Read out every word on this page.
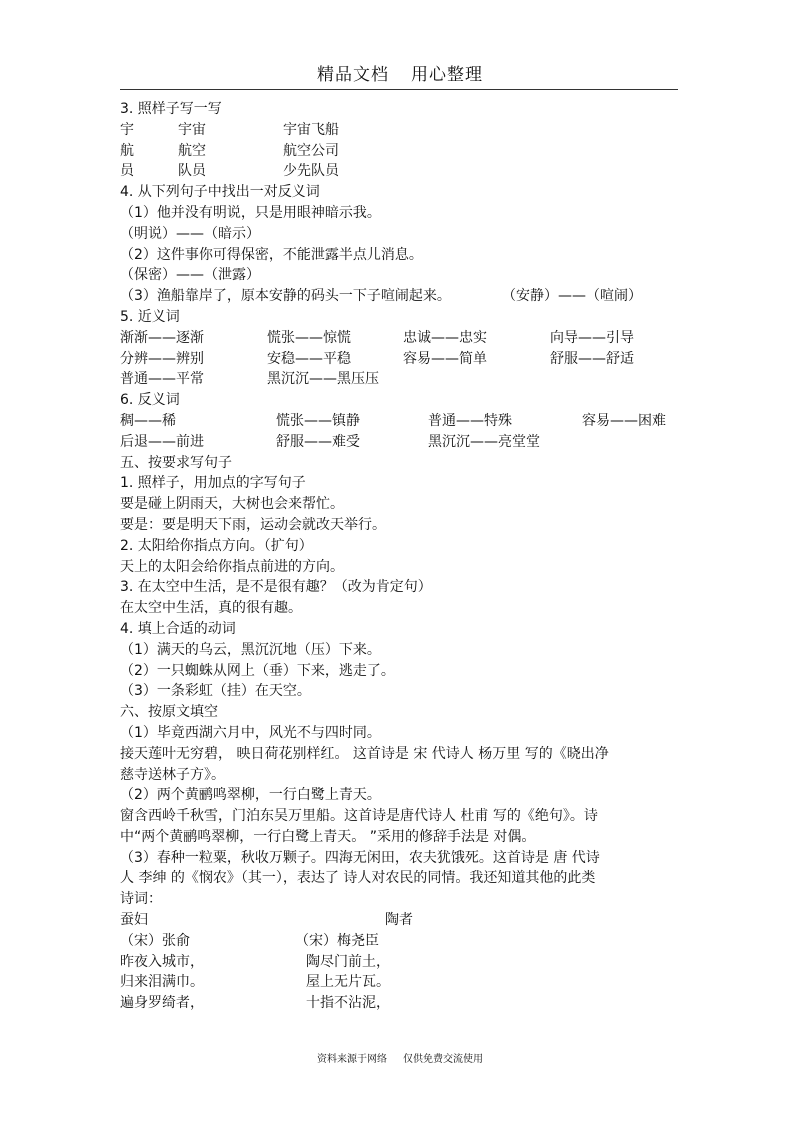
精品文档 用心整理
3. 照样子写一写
宇	宇宙	宇宙飞船
航	航空	航空公司
员	队员	少先队员
4. 从下列句子中找出一对反义词
（1）他并没有明说，只是用眼神暗示我。
（明说）——（暗示）
（2）这件事你可得保密，不能泄露半点儿消息。
（保密）——（泄露）
（3）渔船靠岸了，原本安静的码头一下子喧闹起来。	（安静）——（喧闹）
5. 近义词
渐渐——逐渐	慌张——惊慌	忠诚——忠实	向导——引导
分辨——辨别	安稳——平稳	容易——简单	舒服——舒适
普通——平常	黑沉沉——黑压压
6. 反义词
稠——稀	慌张——镇静	普通——特殊	容易——困难
后退——前进	舒服——难受	黑沉沉——亮堂堂
五、按要求写句子
1. 照样子，用加点的字写句子
要是碰上阴雨天，大树也会来帮忙。
要是：要是明天下雨，运动会就改天举行。
2. 太阳给你指点方向。（扩句）
天上的太阳会给你指点前进的方向。
3. 在太空中生活，是不是很有趣？（改为肯定句）
在太空中生活，真的很有趣。
4. 填上合适的动词
（1）满天的乌云，黑沉沉地（压）下来。
（2）一只蜘蛛从网上（垂）下来，逃走了。
（3）一条彩虹（挂）在天空。
六、按原文填空
（1）毕竟西湖六月中，风光不与四时同。
接天莲叶无穷碧， 映日荷花别样红。 这首诗是 宋 代诗人 杨万里 写的《晓出净
慈寺送林子方》。
（2）两个黄鹂鸣翠柳，一行白鹭上青天。
窗含西岭千秋雪，门泊东吴万里船。这首诗是唐代诗人 杜甫 写的《绝句》。诗
中“两个黄鹂鸣翠柳，一行白鹭上青天。 ”采用的修辞手法是 对偶。
（3）春种一粒粟，秋收万颗子。四海无闲田，农夫犹饿死。这首诗是 唐 代诗
人 李绅 的《悯农》（其一），表达了 诗人对农民的同情。我还知道其他的此类
诗词：
蚕妇	陶者
（宋）张俞	（宋）梅尧臣
昨夜入城市，	陶尽门前土，
归来泪满巾。	屋上无片瓦。
遍身罗绮者，	十指不沾泥，
资料来源于网络 仅供免费交流使用
